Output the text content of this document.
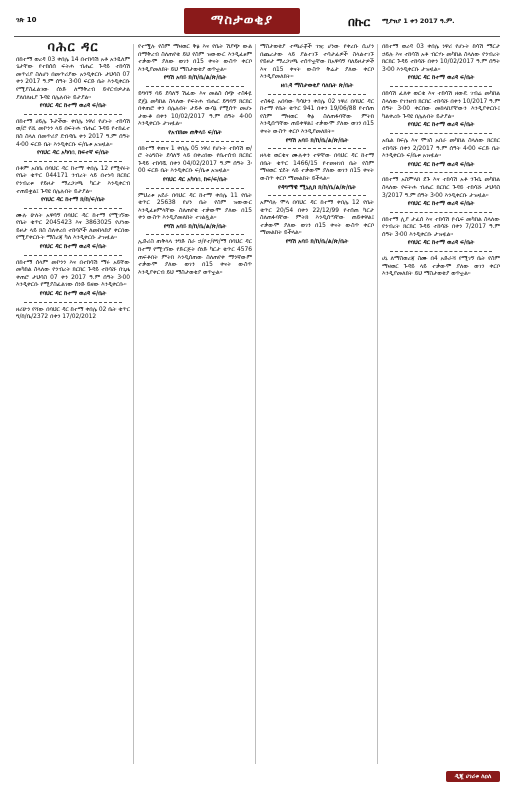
ገጽ 10	ማስታወቂያ	በኩር ሚያዝያ 1 ቀን 2017 ዓ.ም.
ባሕር ዳር
በከተማ ወረዳ 03 ቀበሌ 14 በተከሳሽ አቶ አንዷለም ጌታቸው የተከሰሰ ፍትሐ ብሔር ጉዳይ ተከሳሽ መጥሪያ ስለሆነ በመጥሪያው አንዲቀርቡ ታህሳስ 07 ቀን 2017 ዓ.ም ሰዓት 3፡00 ፍርድ ቤት እንዲቀርቡ የሚያስፈልገው ሰነድ ለማቅረብ ይኖርብዎታል ያለበለዚያ ጉዳዩ በሌሉበት ይታያል።
የባህር ዳር ከተማ ወረዳ ፍ/ቤት
በከተማ ሀይሌ ጉታችው ቀበሌ ነዋሪ የሆኑት ተከሳሽ ወ/ሮ የሺ መኮንን ላይ በፍትሐ ብሔር ጉዳይ የተከፈተ ክስ ስላለ በመጥሪያ ደብዳቤ ቀን 2017 ዓ.ም ሰዓት 4፡00 ፍርድ ቤት እንዲቀርቡ ፍ/ቤቱ አዝዟል።
የባህር ዳር አካባቢ ከፍተኛ ፍ/ቤት
በቶም አበቤ በባህር ዳር ከተማ ቀበሌ 12 የሚኖሩት የቤት ቁጥር 044171 ንብረት ላይ በተነሳ ክርክር የንብረቱ የይዞታ ማረጋገጫ ካርታ እንዲቀርብ ተጠይቋል፤ ጉዳዩ በሌሉበት ይታያል።
የባህር ዳር ከተማ ክ/ከ/ፍ/ቤት
ሙሉ ሁለት አዋሳኝ በባህር ዳር ከተማ የሚገኘው የቤት ቁጥር 2045423 እና 3863025 የሆነው ይዞታ ላይ ክስ ስለቀረበ ተከሳሾች ለመከላከያ ቀርበው የሚያቀርቡት ማስረጃ ካለ እንዲቀርቡ ታዝዟል።
የባህር ዳር ከተማ ወረዳ ፍ/ቤት
በከተማ ሰላም መኮንን እና በተከሳሽ ማሩ አይቸው መካከል ስላለው የንብረት ክርክር ጉዳይ ተከሳሹ በጊዜ ቀጠሮ ታህሳስ 07 ቀን 2017 ዓ.ም ሰዓት 3፡00 እንዲቀርቡ የሚያስፈልገው ሰነድ ይዘው እንዲቀርቡ።
የባህር ዳር ከተማ ወረዳ ፍ/ቤት
ዘሪሁን የሻው በባህር ዳር ከተማ ቀበሌ 02 ቤት ቁጥር ግ/ከ/ቤ/2372 በቀን 17/02/2012
የተሟሉ የስም ማዛወር ቅፅ እና የቤት ሽያጭ ውል በማቅረብ ስለጠየቁ ይህ የስም ዝውውር እንዲፈፀም ተቃውሞ ያለው ወገን በ15 ቀናት ውስጥ ቀርቦ እንዲያመለክት ይህ ማስታወቂያ ወጥቷል።
የግሽ አባይ ክ/ከ/ቤ/ል/ጽ/ቤት
ይግባኝ ባይ ደሳለኝ ሽፈው እና መልስ ሰጭ ተስፋዬ ደጀኔ መካከል ስላለው የፍትሐ ብሔር ይግባኝ ክርክር በቀጠሮ ቀን በሌሉበት ታይቶ ውሳኔ የሚሰጥ መሆኑ ታውቆ በቀን 10/02/2017 ዓ.ም ሰዓት 4፡00 እንዲቀርቡ ታዝዟል።
የአብክመ ጠቅላይ ፍ/ቤት
በከተማ ቀጠና 1 ቀበሌ 05 ነዋሪ የሆኑት ተከሳሽ ወ/ሮ ትዕግስት ደሳለኝ ላይ በቀረበው የቤተሰብ ክርክር ጉዳይ ተከሳሿ በቀን 04/02/2017 ዓ.ም ሰዓት 3፡00 ፍርድ ቤት እንዲቀርቡ ፍ/ቤቱ አዝዟል።
የባህር ዳር አካባቢ ከፍ/ፍ/ቤት
ምህረቱ አደራ በባህር ዳር ከተማ ቀበሌ 11 የቤት ቁጥር 25638 የሆነ ቤት የስም ዝውውር እንዲፈፀምላቸው ስለጠየቁ ተቃውሞ ያለው በ15 ቀን ውስጥ እንዲያመለክት ተገልጿል።
የግሽ አባይ ክ/ከ/ቤ/ል/ጽ/ቤት
ኢድሪስ ጠቅላላ ንግድ ስራ ኃ/የተ/የግ/ማ በባህር ዳር ከተማ የሚገኘው የድርጅት ሰነድ ካርታ ቁጥር 4576 ጠፍቶበት ምትክ እንዲሰጠው ስለጠየቀ ማንኛውም ተቃውሞ ያለው ወገን በ15 ቀናት ውስጥ እንዲያቀርብ ይህ ማስታወቂያ ወጥቷል።
ማስታወቂያ ተጫራቾች ገዢ ሆነው የቀረቡ ሲሆን በጨረታው ላይ ያልተገኙ ተሳታፊዎች ስላልተገኙ የይዞታ ማረጋገጫ ተሰጥቷቸው ከአዋሳኝ ባለይዞታዎች እና በ15 ቀናት ውስጥ ቅሬታ ያለው ቀርቦ እንዲያመለክት።
ዘቢዳ ማስታወቂያ ባለቤት ጽ/ቤት
ተስፋዬ አበባው ካሳሁን ቀበሌ 02 ነዋሪ በባህር ዳር ከተማ የቤት ቁጥር 941 በቀን 19/06/88 የተሰጠ የስም ማዛወር ቅፅ ስለጠፋባቸው ምትክ እንዲሰጣቸው ጠይቀዋል፤ ተቃውሞ ያለው ወገን በ15 ቀናት ውስጥ ቀርቦ እንዲያመለክት።
የግሽ አባይ ክ/ከ/ቤ/ል/ጽ/ቤት
ዘላቂ ወርቁና ሙሉቀን ተዋቸው በባህር ዳር ከተማ በቤት ቁጥር 1466/15 የተመዘገበ ቤት የስም ማዛወር ሂደት ላይ ተቃውሞ ያለው ወገን በ15 ቀናት ውስጥ ቀርቦ ማመልከት ይችላል።
የዳግማዊ ሚኒሊክ ክ/ከ/ቤ/ል/ጽ/ቤት
አምሳሉ ሞላ በባህር ዳር ከተማ ቀበሌ 12 የቤት ቁጥር 20/54 በቀን 22/12/99 የተሰጠ ካርታ ስለጠፋባቸው ምትክ እንዲሰጣቸው ጠይቀዋል፤ ተቃውሞ ያለው ወገን በ15 ቀናት ውስጥ ቀርቦ ማመልከት ይችላል።
የግሽ አባይ ክ/ከ/ቤ/ል/ጽ/ቤት
በከተማ ወረዳ 03 ቀበሌ ነዋሪ የሆኑት ከሳሽ ማርታ ኃይሉ እና ተከሳሽ አቶ ብርሃኑ መካከል ስላለው የንብረት ክርክር ጉዳይ ተከሳሹ በቀን 10/02/2017 ዓ.ም ሰዓት 3፡00 እንዲቀርቡ ታዝዟል።
የባህር ዳር ከተማ ወረዳ ፍ/ቤት
በከሳሽ ፈለቀ ወርቁ እና ተከሳሽ ዘውዴ ገብሬ መካከል ስላለው የገንዘብ ክርክር ተከሳሹ በቀን 10/2017 ዓ.ም ሰዓት 3፡00 ቀርበው መከላከያቸውን እንዲያቀርቡ፤ ካልቀረቡ ጉዳዩ በሌሉበት ይታያል።
የባህር ዳር ከተማ ወረዳ ፍ/ቤት
አቤል ክፍሌ እና ሞገስ አበራ መካከል ስላለው ክርክር ተከሳሹ በቀን 2/2017 ዓ.ም ሰዓት 4፡00 ፍርድ ቤት እንዲቀርቡ ፍ/ቤቱ አዝዟል።
የባህር ዳር ከተማ ወረዳ ፍ/ቤት
በከተማ አስምላክ ደጉ እና ተከሳሽ አቶ ንጉሴ መካከል ስላለው የፍትሐ ብሔር ክርክር ጉዳይ ተከሳሹ ታህሳስ 3/2017 ዓ.ም ሰዓት 3፡00 እንዲቀርቡ ታዝዟል።
የባህር ዳር ከተማ ወረዳ ፍ/ቤት
በከተማ ሊያ ታፈሰ እና ተከሳሽ ዮሴፍ መካከል ስላለው የንብረት ክርክር ጉዳይ ተከሳሹ በቀን 7/2017 ዓ.ም ሰዓት 3፡00 እንዲቀርቡ ታዝዟል።
የባህር ዳር ከተማ ወረዳ ፍ/ቤት
ሀኒ ለማስወረጃ ስሙ በ4 አድራሻ የሚገኝ ቤት የስም ማዛወር ጉዳይ ላይ ተቃውሞ ያለው ወገን ቀርቦ እንዲያመለክት ይህ ማስታወቂያ ወጥቷል።
ዲጂ ሀገሪቱ ለዐለ
